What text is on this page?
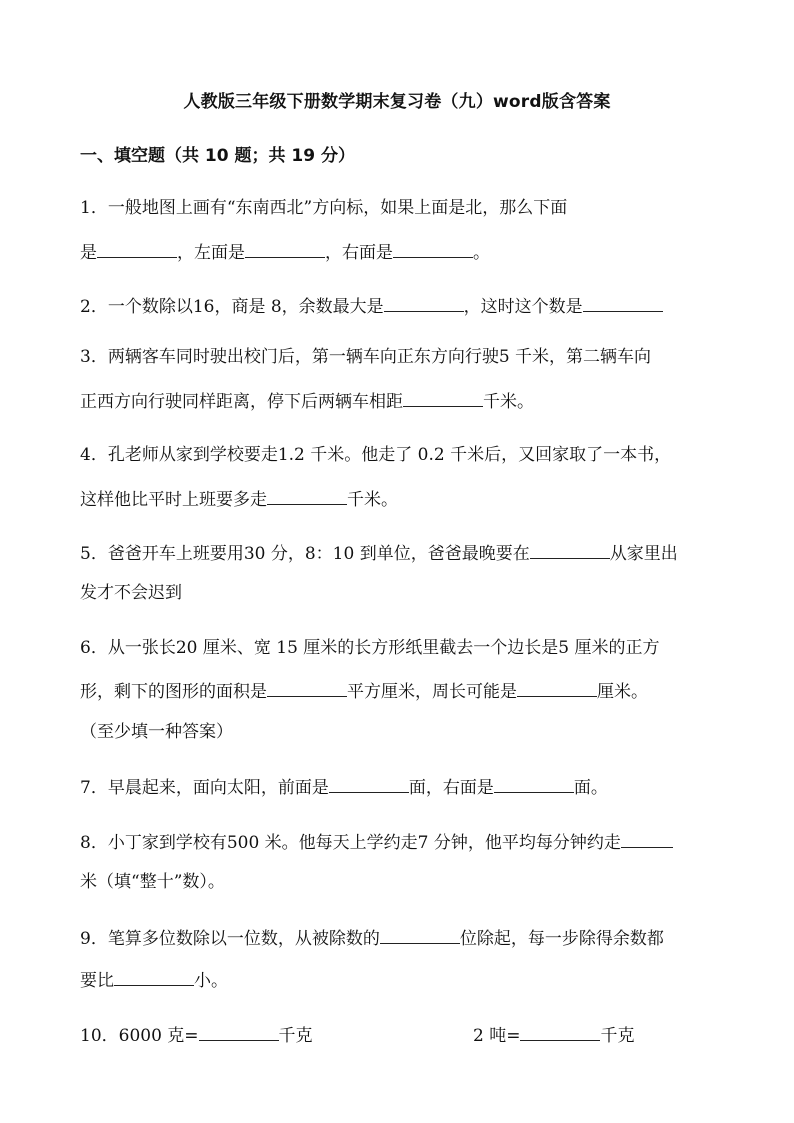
人教版三年级下册数学期末复习卷（九）word版含答案
一、填空题（共 10 题；共 19 分）
1．一般地图上画有“东南西北”方向标，如果上面是北，那么下面
是	，左面是	，右面是	。
2．一个数除以16，商是 8，余数最大是	，这时这个数是
3．两辆客车同时驶出校门后，第一辆车向正东方向行驶5 千米，第二辆车向
正西方向行驶同样距离，停下后两辆车相距	千米。
4．孔老师从家到学校要走1.2 千米。他走了 0.2 千米后，又回家取了一本书，
这样他比平时上班要多走	千米。
5．爸爸开车上班要用30 分，8：10 到单位，爸爸最晚要在	从家里出
发才不会迟到
6．从一张长20 厘米、宽 15 厘米的长方形纸里截去一个边长是5 厘米的正方
形，剩下的图形的面积是	平方厘米，周长可能是	厘米。
（至少填一种答案）
7．早晨起来，面向太阳，前面是	面，右面是	面。
8．小丁家到学校有500 米。他每天上学约走7 分钟，他平均每分钟约走
米（填“整十”数）。
9．笔算多位数除以一位数，从被除数的	位除起，每一步除得余数都
要比	小。
10．6000 克=	千克	2 吨=	千克
